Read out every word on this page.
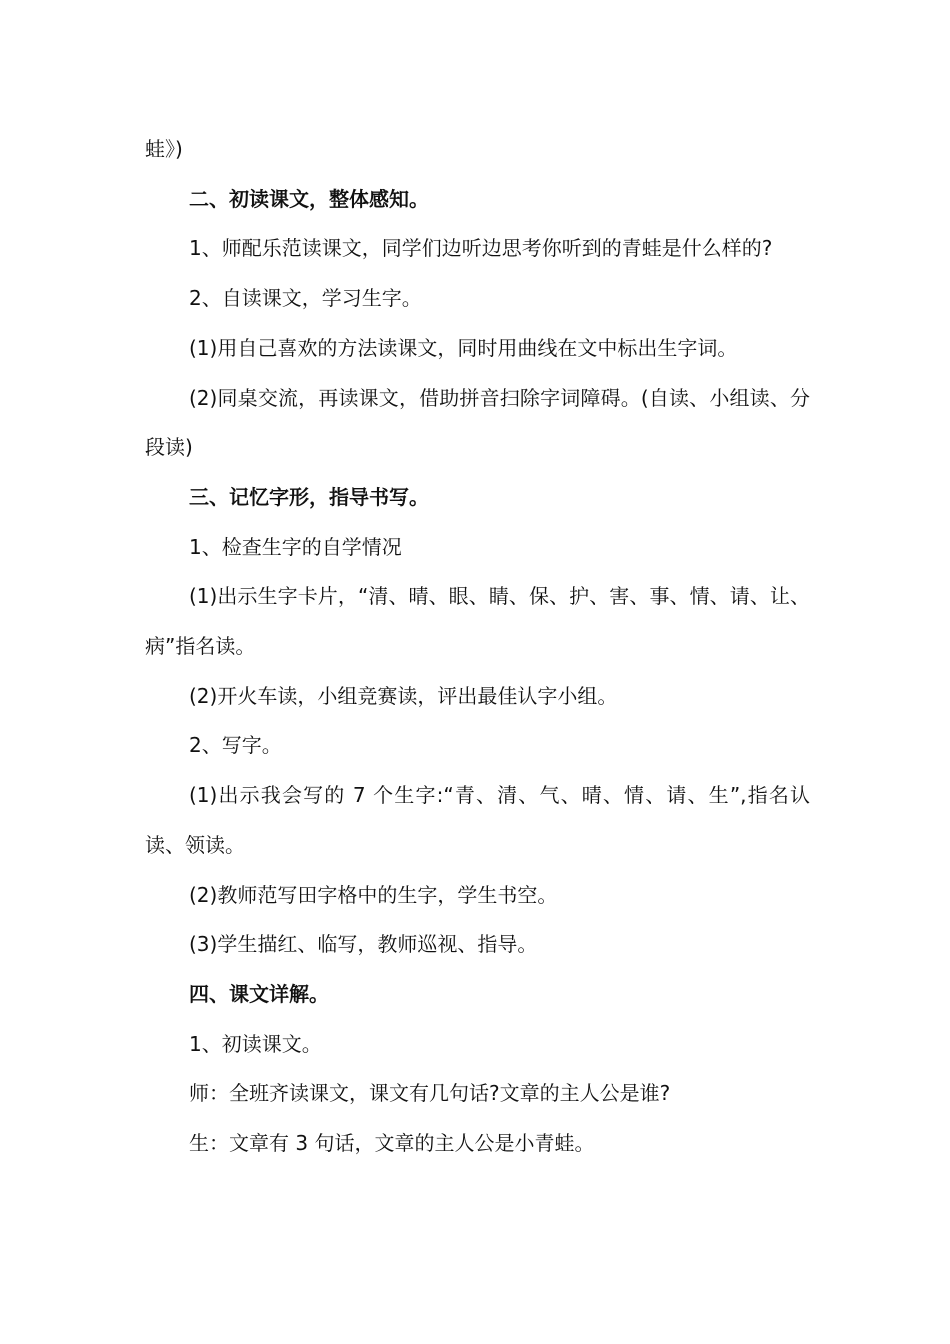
蛙》)

二、初读课文，整体感知。

1、师配乐范读课文，同学们边听边思考你听到的青蛙是什么样的?

2、自读课文，学习生字。

(1)用自己喜欢的方法读课文，同时用曲线在文中标出生字词。

(2)同桌交流，再读课文，借助拼音扫除字词障碍。(自读、小组读、分段读)

三、记忆字形，指导书写。

1、检查生字的自学情况

(1)出示生字卡片，“清、晴、眼、睛、保、护、害、事、情、请、让、病”指名读。

(2)开火车读，小组竞赛读，评出最佳认字小组。

2、写字。

(1)出示我会写的 7 个生字:“青、清、气、晴、情、请、生”,指名认读、领读。

(2)教师范写田字格中的生字，学生书空。

(3)学生描红、临写，教师巡视、指导。

四、课文详解。

1、初读课文。

师：全班齐读课文，课文有几句话?文章的主人公是谁?

生：文章有 3 句话，文章的主人公是小青蛙。
